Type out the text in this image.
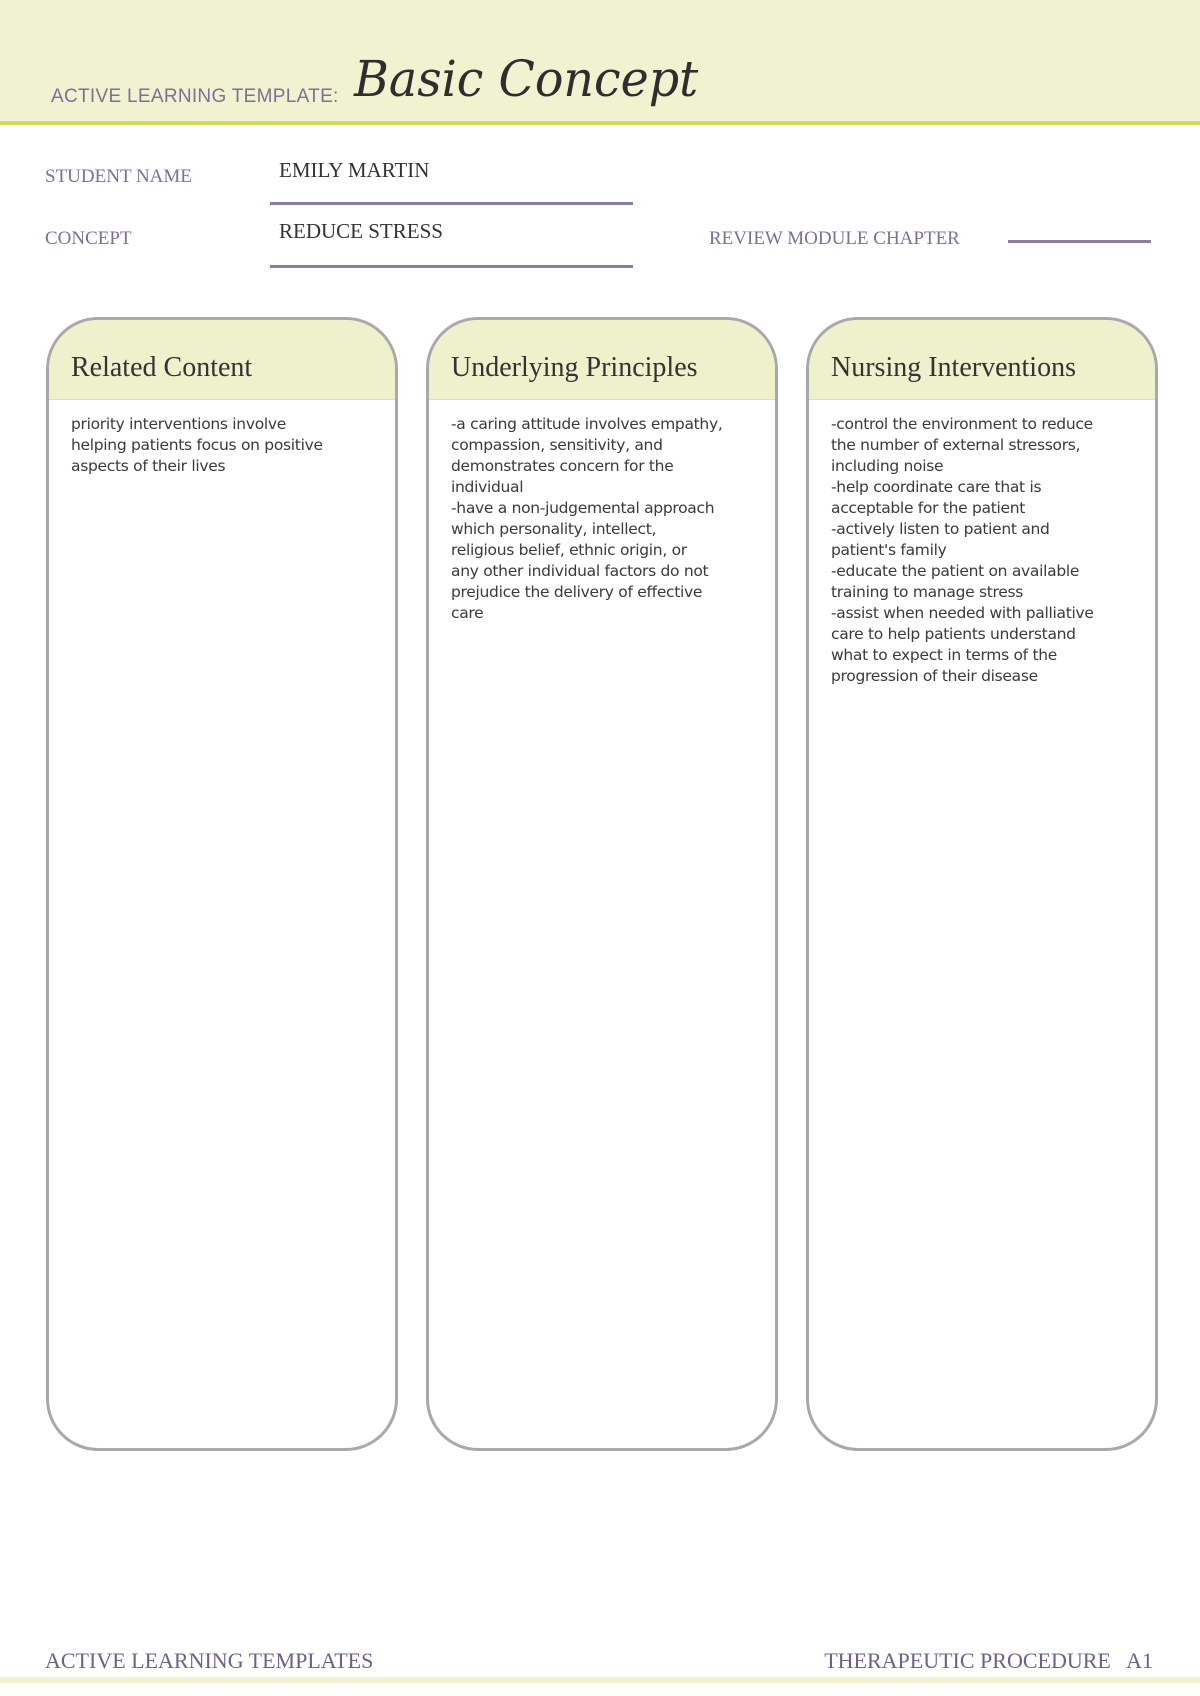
ACTIVE LEARNING TEMPLATE: Basic Concept
STUDENT NAME	EMILY MARTIN
CONCEPT	REDUCE STRESS	REVIEW MODULE CHAPTER
Related Content
priority interventions involve
helping patients focus on positive
aspects of their lives
Underlying Principles
-a caring attitude involves empathy,
compassion, sensitivity, and
demonstrates concern for the
individual
-have a non-judgemental approach
which personality, intellect,
religious belief, ethnic origin, or
any other individual factors do not
prejudice the delivery of effective
care
Nursing Interventions
-control the environment to reduce
the number of external stressors,
including noise
-help coordinate care that is
acceptable for the patient
-actively listen to patient and
patient's family
-educate the patient on available
training to manage stress
-assist when needed with palliative
care to help patients understand
what to expect in terms of the
progression of their disease
ACTIVE LEARNING TEMPLATES	THERAPEUTIC PROCEDURE   A1
